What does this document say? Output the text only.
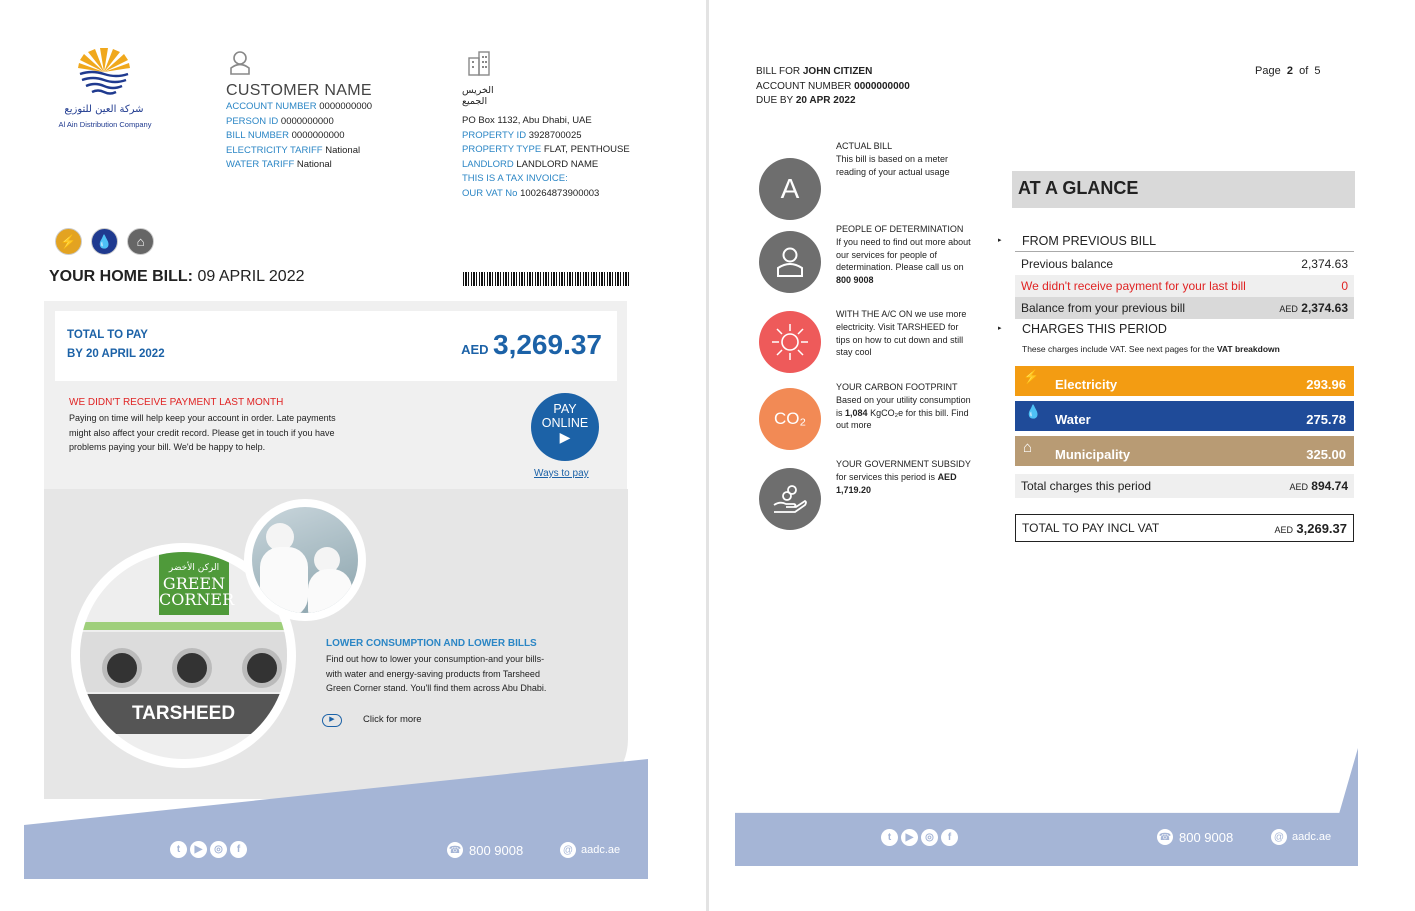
شركة العين للتوزيع
Al Ain Distribution Company
CUSTOMER NAME
ACCOUNT NUMBER 0000000000
PERSON ID 0000000000
BILL NUMBER 0000000000
ELECTRICITY TARIFF National
WATER TARIFF National
الخريس
الجميع
PO Box 1132, Abu Dhabi, UAE
PROPERTY ID 3928700025
PROPERTY TYPE FLAT, PENTHOUSE
LANDLORD LANDLORD NAME
THIS IS A TAX INVOICE:
OUR VAT No 100264873900003
⚡	💧	⌂
YOUR HOME BILL: 09 APRIL 2022
TOTAL TO PAY
BY 20 APRIL 2022	AED 3,269.37
WE DIDN'T RECEIVE PAYMENT LAST MONTH
Paying on time will help keep your account in order. Late payments might also affect your credit record. Please get in touch if you have problems paying your bill. We'd be happy to help.
PAY
ONLINE
▶
Ways to pay
الركن الأخضر
GREEN
CORNER
TARSHEED
LOWER CONSUMPTION AND LOWER BILLS
Find out how to lower your consumption-and your bills-with water and energy-saving products from Tarsheed Green Corner stand. You'll find them across Abu Dhabi.
▶	Click for more
t	▶	◎	f	☎ 800 9008	@ aadc.ae
BILL FOR JOHN CITIZEN
ACCOUNT NUMBER 0000000000
DUE BY 20 APR 2022
Page 2 of 5
A
ACTUAL BILL
This bill is based on a meter reading of your actual usage
PEOPLE OF DETERMINATION
If you need to find out more about our services for people of determination. Please call us on 800 9008
WITH THE A/C ON we use more electricity. Visit TARSHEED for tips on how to cut down and still stay cool
CO₂
YOUR CARBON FOOTPRINT
Based on your utility consumption is 1,084 KgCO₂e for this bill. Find out more
YOUR GOVERNMENT SUBSIDY for services this period is AED 1,719.20
AT A GLANCE
▸ FROM PREVIOUS BILL
Previous balance	2,374.63
We didn't receive payment for your last bill	0
Balance from your previous bill	AED 2,374.63
▸ CHARGES THIS PERIOD
These charges include VAT. See next pages for the VAT breakdown
⚡
Electricity	293.96
💧
Water	275.78
⌂ Municipality	325.00
Total charges this period	AED 894.74
TOTAL TO PAY INCL VAT	AED 3,269.37
t	▶	◎	f	☎ 800 9008	@ aadc.ae
